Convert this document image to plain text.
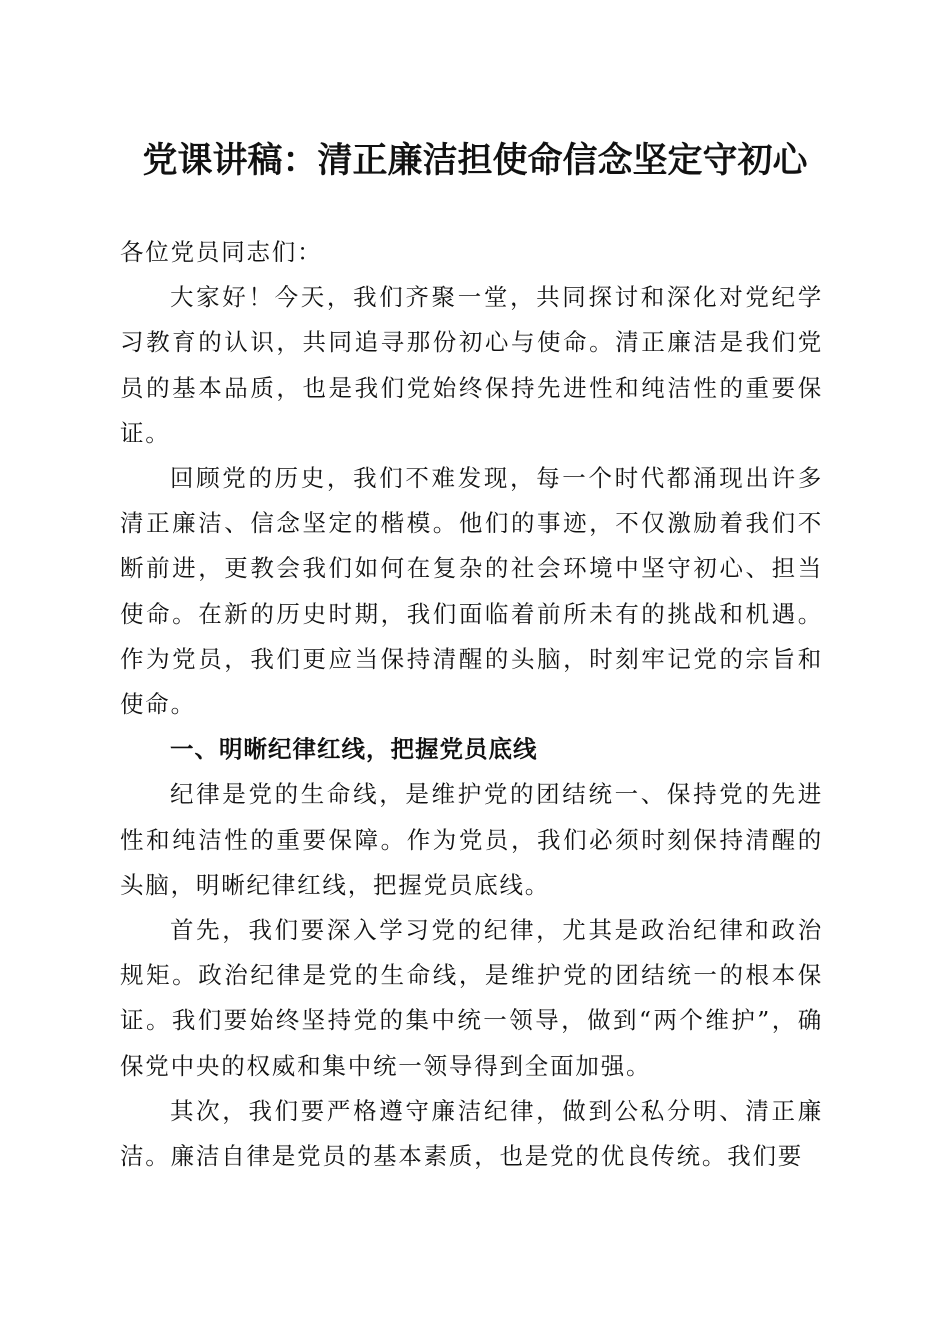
党课讲稿：清正廉洁担使命信念坚定守初心

各位党员同志们：

大家好！今天，我们齐聚一堂，共同探讨和深化对党纪学习教育的认识，共同追寻那份初心与使命。清正廉洁是我们党员的基本品质，也是我们党始终保持先进性和纯洁性的重要保证。

回顾党的历史，我们不难发现，每一个时代都涌现出许多清正廉洁、信念坚定的楷模。他们的事迹，不仅激励着我们不断前进，更教会我们如何在复杂的社会环境中坚守初心、担当使命。在新的历史时期，我们面临着前所未有的挑战和机遇。作为党员，我们更应当保持清醒的头脑，时刻牢记党的宗旨和使命。

一、明晰纪律红线，把握党员底线

纪律是党的生命线，是维护党的团结统一、保持党的先进性和纯洁性的重要保障。作为党员，我们必须时刻保持清醒的头脑，明晰纪律红线，把握党员底线。

首先，我们要深入学习党的纪律，尤其是政治纪律和政治规矩。政治纪律是党的生命线，是维护党的团结统一的根本保证。我们要始终坚持党的集中统一领导，做到“两个维护”，确保党中央的权威和集中统一领导得到全面加强。

其次，我们要严格遵守廉洁纪律，做到公私分明、清正廉洁。廉洁自律是党员的基本素质，也是党的优良传统。我们要
